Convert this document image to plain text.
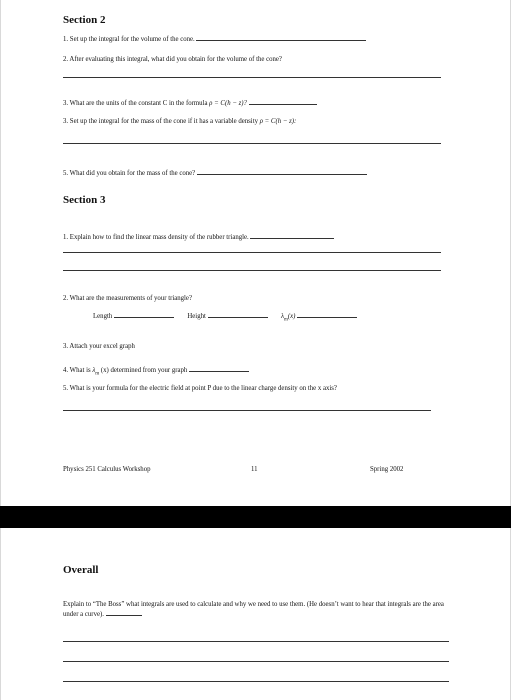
Section 2
1. Set up the integral for the volume of the cone.
2. After evaluating this integral, what did you obtain for the volume of the cone?
3. What are the units of the constant C in the formula ρ = C(h − z)?
3. Set up the integral for the mass of the cone if it has a variable density ρ = C(h − z):
5. What did you obtain for the mass of the cone?
Section 3
1. Explain how to find the linear mass density of the rubber triangle.
2. What are the measurements of your triangle?
Length	Height	$\lambda_m(x)$
3. Attach your excel graph
4. What is $\lambda_m$ (x) determined from your graph
5. What is your formula for the electric field at point P due to the linear charge density on the x axis?
Physics 251 Calculus Workshop	11	Spring 2002
Overall
Explain to “The Boss” what integrals are used to calculate and why we need to use them. (He doesn’t want to hear that integrals are the area under a curve).
